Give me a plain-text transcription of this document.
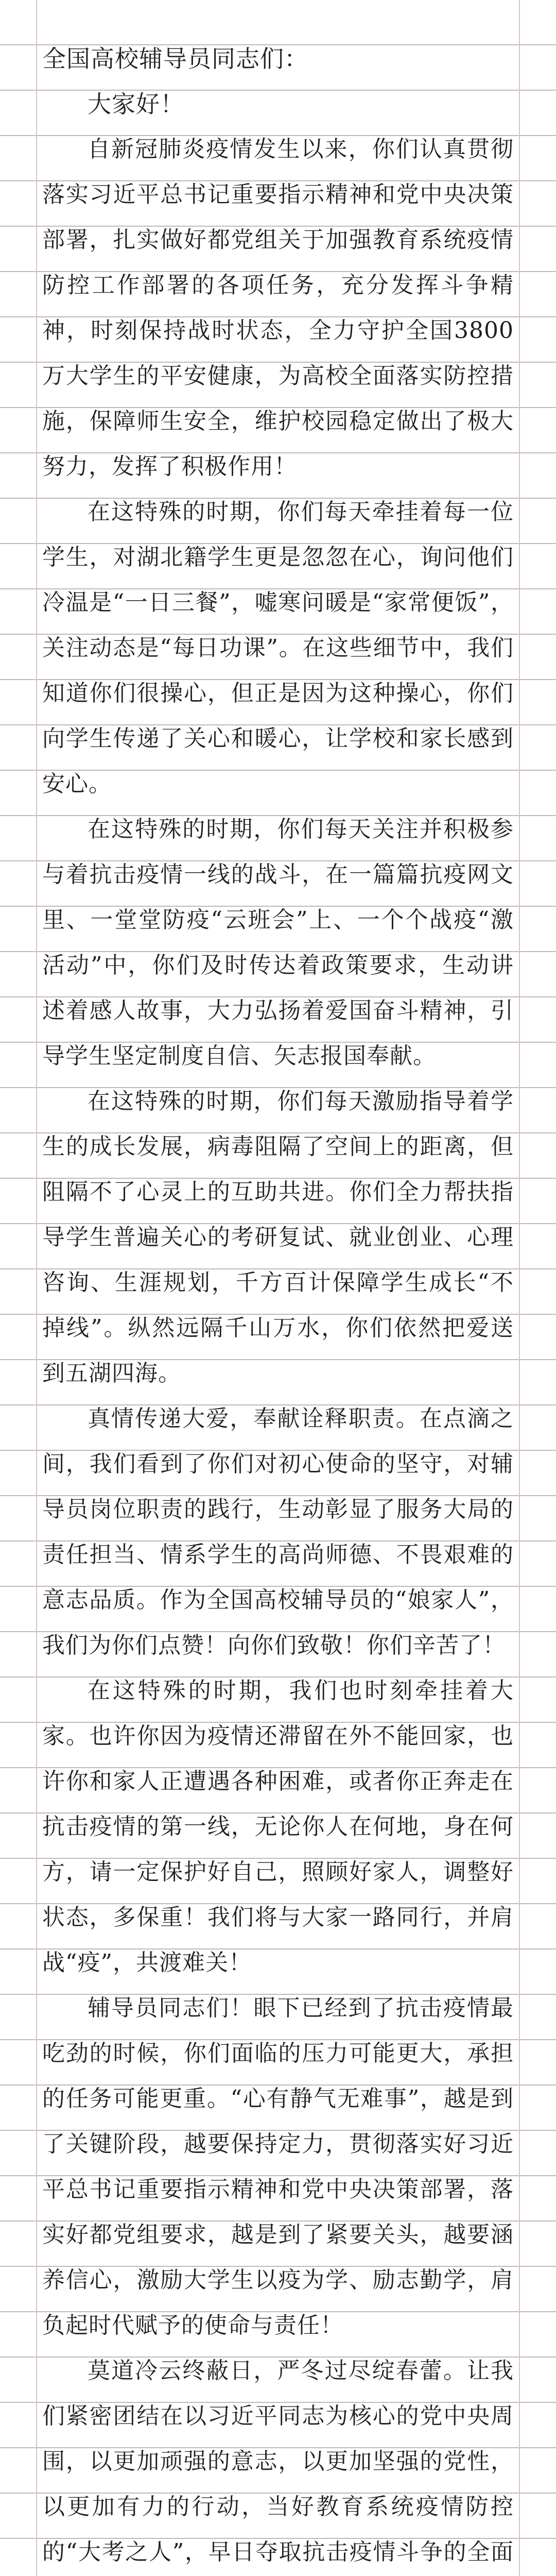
全国高校辅导员同志们：

大家好！

自新冠肺炎疫情发生以来，你们认真贯彻落实习近平总书记重要指示精神和党中央决策部署，扎实做好都党组关于加强教育系统疫情防控工作部署的各项任务，充分发挥斗争精神，时刻保持战时状态，全力守护全国3800万大学生的平安健康，为高校全面落实防控措施，保障师生安全，维护校园稳定做出了极大努力，发挥了积极作用！

在这特殊的时期，你们每天牵挂着每一位学生，对湖北籍学生更是忽忽在心，询问他们冷温是“一日三餐”，嘘寒问暖是“家常便饭”，关注动态是“每日功课”。在这些细节中，我们知道你们很操心，但正是因为这种操心，你们向学生传递了关心和暖心，让学校和家长感到安心。

在这特殊的时期，你们每天关注并积极参与着抗击疫情一线的战斗，在一篇篇抗疫网文里、一堂堂防疫“云班会”上、一个个战疫“激活动”中，你们及时传达着政策要求，生动讲述着感人故事，大力弘扬着爱国奋斗精神，引导学生坚定制度自信、矢志报国奉献。

在这特殊的时期，你们每天激励指导着学生的成长发展，病毒阻隔了空间上的距离，但阻隔不了心灵上的互助共进。你们全力帮扶指导学生普遍关心的考研复试、就业创业、心理咨询、生涯规划，千方百计保障学生成长“不掉线”。纵然远隔千山万水，你们依然把爱送到五湖四海。

真情传递大爱，奉献诠释职责。在点滴之间，我们看到了你们对初心使命的坚守，对辅导员岗位职责的践行，生动彰显了服务大局的责任担当、情系学生的高尚师德、不畏艰难的意志品质。作为全国高校辅导员的“娘家人”，我们为你们点赞！向你们致敬！你们辛苦了！

在这特殊的时期，我们也时刻牵挂着大家。也许你因为疫情还滞留在外不能回家，也许你和家人正遭遇各种困难，或者你正奔走在抗击疫情的第一线，无论你人在何地，身在何方，请一定保护好自己，照顾好家人，调整好状态，多保重！我们将与大家一路同行，并肩战“疫”，共渡难关！

辅导员同志们！眼下已经到了抗击疫情最吃劲的时候，你们面临的压力可能更大，承担的任务可能更重。“心有静气无难事”，越是到了关键阶段，越要保持定力，贯彻落实好习近平总书记重要指示精神和党中央决策部署，落实好都党组要求，越是到了紧要关头，越要涵养信心，激励大学生以疫为学、励志勤学，肩负起时代赋予的使命与责任！

莫道冷云终蔽日，严冬过尽绽春蕾。让我们紧密团结在以习近平同志为核心的党中央周围，以更加顽强的意志，以更加坚强的党性，以更加有力的行动，当好教育系统疫情防控的“大考之人”，早日夺取抗击疫情斗争的全面
